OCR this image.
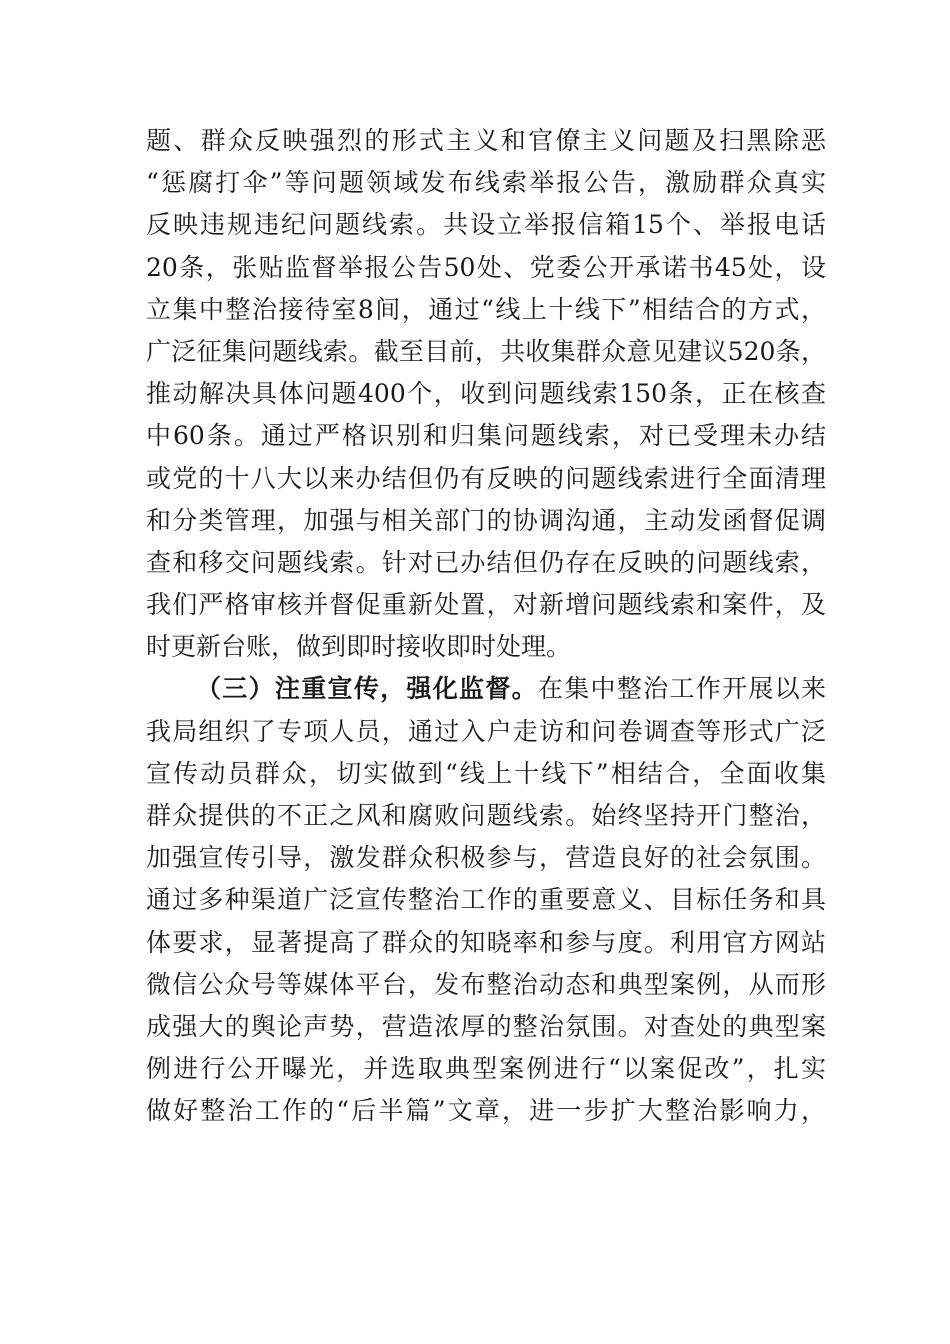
题、群众反映强烈的形式主义和官僚主义问题及扫黑除恶
“惩腐打伞”等问题领域发布线索举报公告，激励群众真实
反映违规违纪问题线索。共设立举报信箱15个、举报电话
20条，张贴监督举报公告50处、党委公开承诺书45处，设
立集中整治接待室8间，通过“线上十线下”相结合的方式，
广泛征集问题线索。截至目前，共收集群众意见建议520条，
推动解决具体问题400个，收到问题线索150条，正在核查
中60条。通过严格识别和归集问题线索，对已受理未办结
或党的十八大以来办结但仍有反映的问题线索进行全面清理
和分类管理，加强与相关部门的协调沟通，主动发函督促调
查和移交问题线索。针对已办结但仍存在反映的问题线索，
我们严格审核并督促重新处置，对新增问题线索和案件，及
时更新台账，做到即时接收即时处理。
（三）注重宣传，强化监督。在集中整治工作开展以来
我局组织了专项人员，通过入户走访和问卷调查等形式广泛
宣传动员群众，切实做到“线上十线下”相结合，全面收集
群众提供的不正之风和腐败问题线索。始终坚持开门整治，
加强宣传引导，激发群众积极参与，营造良好的社会氛围。
通过多种渠道广泛宣传整治工作的重要意义、目标任务和具
体要求，显著提高了群众的知晓率和参与度。利用官方网站
微信公众号等媒体平台，发布整治动态和典型案例，从而形
成强大的舆论声势，营造浓厚的整治氛围。对查处的典型案
例进行公开曝光，并选取典型案例进行“以案促改”，扎实
做好整治工作的“后半篇”文章，进一步扩大整治影响力，
